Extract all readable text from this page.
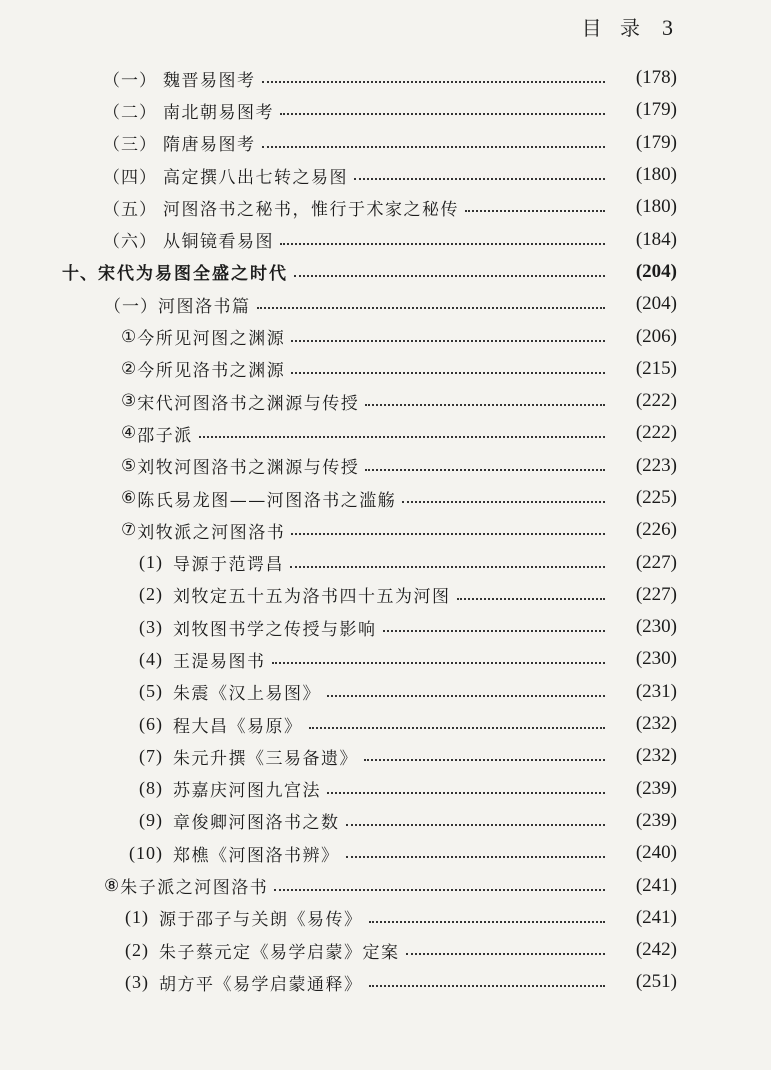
目 录 3
（一） 魏晋易图考	(178)
（二） 南北朝易图考	(179)
（三） 隋唐易图考	(179)
（四） 高定撰八出七转之易图	(180)
（五） 河图洛书之秘书，惟行于术家之秘传	(180)
（六） 从铜镜看易图	(184)
十、 宋代为易图全盛之时代	(204)
（一） 河图洛书篇	(204)
① 今所见河图之渊源	(206)
② 今所见洛书之渊源	(215)
③ 宋代河图洛书之渊源与传授	(222)
④ 邵子派	(222)
⑤ 刘牧河图洛书之渊源与传授	(223)
⑥ 陈氏易龙图——河图洛书之滥觞	(225)
⑦ 刘牧派之河图洛书	(226)
(1) 导源于范谔昌	(227)
(2) 刘牧定五十五为洛书四十五为河图	(227)
(3) 刘牧图书学之传授与影响	(230)
(4) 王湜易图书	(230)
(5) 朱震《汉上易图》	(231)
(6) 程大昌《易原》	(232)
(7) 朱元升撰《三易备遗》	(232)
(8) 苏嘉庆河图九宫法	(239)
(9) 章俊卿河图洛书之数	(239)
(10) 郑樵《河图洛书辨》	(240)
⑧ 朱子派之河图洛书	(241)
(1) 源于邵子与关朗《易传》	(241)
(2) 朱子蔡元定《易学启蒙》定案	(242)
(3) 胡方平《易学启蒙通释》	(251)
